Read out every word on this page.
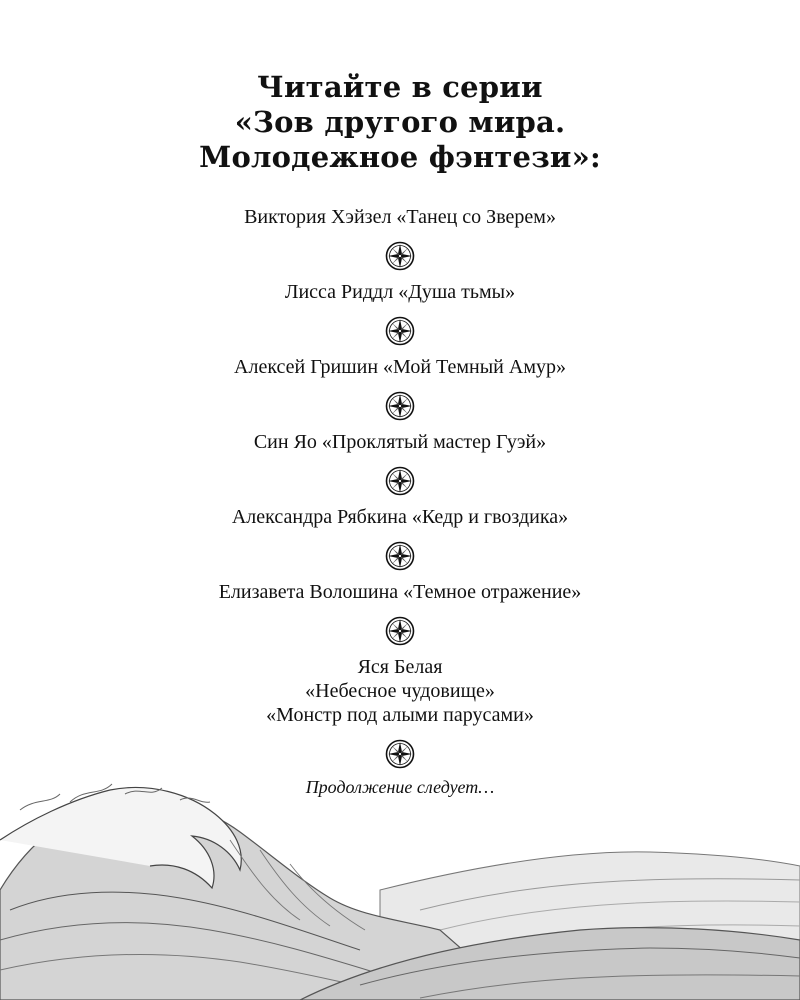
Читайте в серии
«Зов другого мира.
Молодежное фэнтези»:
Виктория Хэйзел «Танец со Зверем»
Лисса Риддл «Душа тьмы»
Алексей Гришин «Мой Темный Амур»
Син Яо «Проклятый мастер Гуэй»
Александра Рябкина «Кедр и гвоздика»
Елизавета Волошина «Темное отражение»
Яся Белая
«Небесное чудовище»
«Монстр под алыми парусами»
Продолжение следует…
